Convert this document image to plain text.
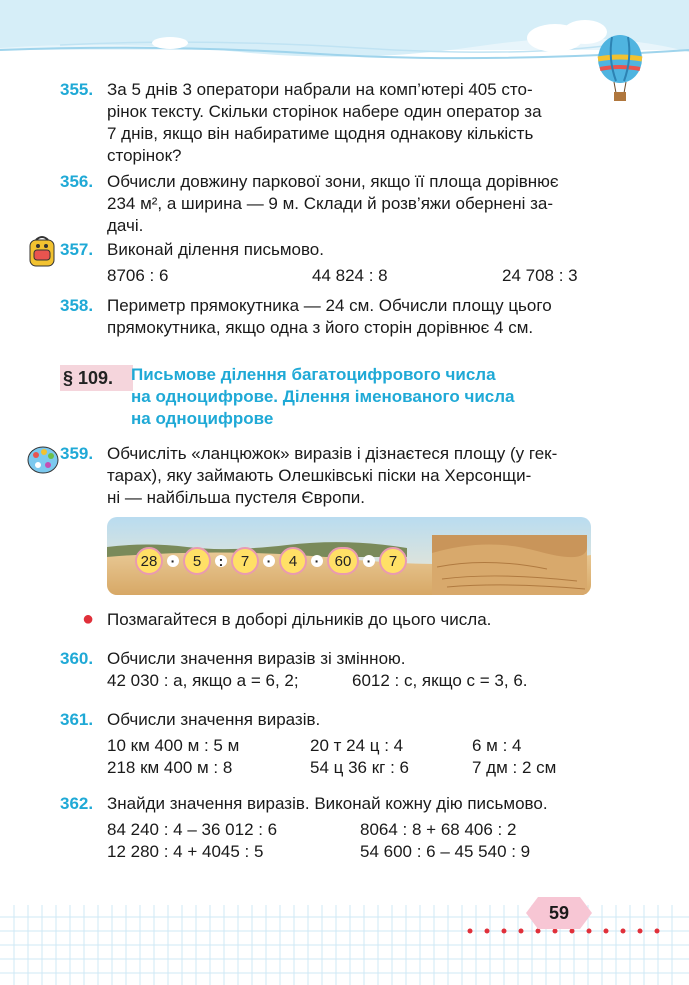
355. За 5 днів 3 оператори набрали на комп’ютері 405 сто-
рінок тексту. Скільки сторінок набере один оператор за
7 днів, якщо він набиратиме щодня однакову кількість
сторінок?
356. Обчисли довжину паркової зони, якщо її площа дорівнює
234 м², а ширина — 9 м. Склади й розв’яжи обернені за-
дачі.
357. Виконай ділення письмово.
8706 : 6	44 824 : 8	24 708 : 3
358. Периметр прямокутника — 24 см. Обчисли площу цього
прямокутника, якщо одна з його сторін дорівнює 4 см.
§ 109.	Письмове ділення багатоцифрового числа
на одноцифрове. Ділення іменованого числа
на одноцифрове
359. Обчисліть «ланцюжок» виразів і дізнаєтеся площу (у гек-
тарах), яку займають Олешківські піски на Херсонщи-
ні — найбільша пустеля Європи.
28 ·	5	:	7	·	4	·	60	·	7
● Позмагайтеся в доборі дільників до цього числа.
360. Обчисли значення виразів зі змінною.
42 030 : a, якщо a = 6, 2;	6012 : c, якщо c = 3, 6.
361. Обчисли значення виразів.
10 км 400 м : 5 м	20 т 24 ц : 4	6 м : 4
218 км 400 м : 8	54 ц 36 кг : 6	7 дм : 2 см
362. Знайди значення виразів. Виконай кожну дію письмово.
84 240 : 4 – 36 012 : 6	8064 : 8 + 68 406 : 2
12 280 : 4 + 4045 : 5	54 600 : 6 – 45 540 : 9
59
